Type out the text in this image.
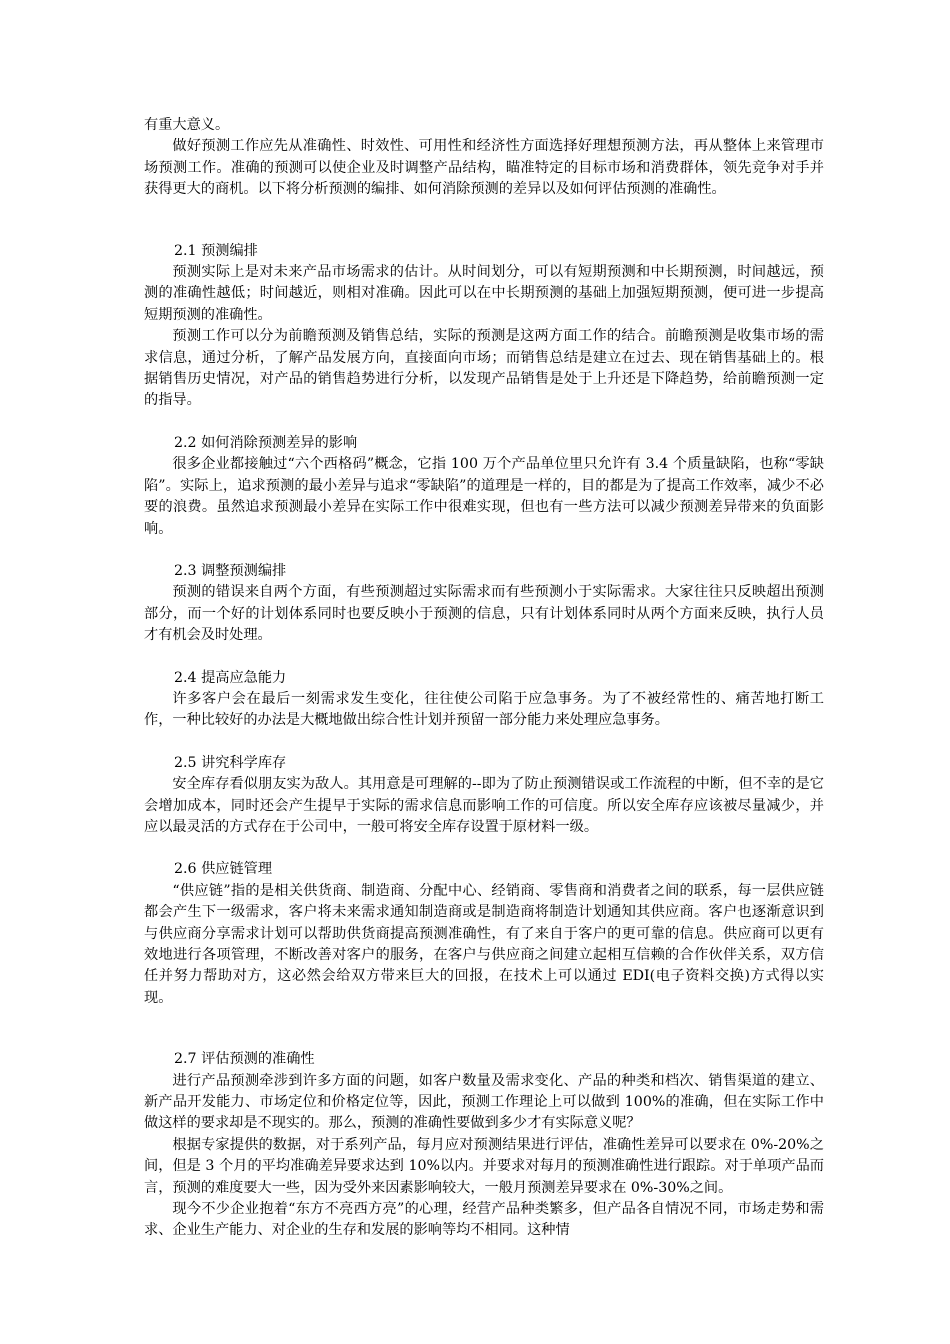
有重大意义。

做好预测工作应先从准确性、时效性、可用性和经济性方面选择好理想预测方法，再从整体上来管理市场预测工作。准确的预测可以使企业及时调整产品结构，瞄准特定的目标市场和消费群体，领先竞争对手并获得更大的商机。以下将分析预测的编排、如何消除预测的差异以及如何评估预测的准确性。

2.1 预测编排

预测实际上是对未来产品市场需求的估计。从时间划分，可以有短期预测和中长期预测，时间越远，预测的准确性越低；时间越近，则相对准确。因此可以在中长期预测的基础上加强短期预测，便可进一步提高短期预测的准确性。

预测工作可以分为前瞻预测及销售总结，实际的预测是这两方面工作的结合。前瞻预测是收集市场的需求信息，通过分析，了解产品发展方向，直接面向市场；而销售总结是建立在过去、现在销售基础上的。根据销售历史情况，对产品的销售趋势进行分析，以发现产品销售是处于上升还是下降趋势，给前瞻预测一定的指导。

2.2 如何消除预测差异的影响

很多企业都接触过“六个西格码”概念，它指 100 万个产品单位里只允许有 3.4 个质量缺陷，也称“零缺陷”。实际上，追求预测的最小差异与追求“零缺陷”的道理是一样的，目的都是为了提高工作效率，减少不必要的浪费。虽然追求预测最小差异在实际工作中很难实现，但也有一些方法可以减少预测差异带来的负面影响。

2.3 调整预测编排

预测的错误来自两个方面，有些预测超过实际需求而有些预测小于实际需求。大家往往只反映超出预测部分，而一个好的计划体系同时也要反映小于预测的信息，只有计划体系同时从两个方面来反映，执行人员才有机会及时处理。

2.4 提高应急能力

许多客户会在最后一刻需求发生变化，往往使公司陷于应急事务。为了不被经常性的、痛苦地打断工作，一种比较好的办法是大概地做出综合性计划并预留一部分能力来处理应急事务。

2.5 讲究科学库存

安全库存看似朋友实为敌人。其用意是可理解的--即为了防止预测错误或工作流程的中断，但不幸的是它会增加成本，同时还会产生提早于实际的需求信息而影响工作的可信度。所以安全库存应该被尽量减少，并应以最灵活的方式存在于公司中，一般可将安全库存设置于原材料一级。

2.6 供应链管理

“供应链”指的是相关供货商、制造商、分配中心、经销商、零售商和消费者之间的联系，每一层供应链都会产生下一级需求，客户将未来需求通知制造商或是制造商将制造计划通知其供应商。客户也逐渐意识到与供应商分享需求计划可以帮助供货商提高预测准确性，有了来自于客户的更可靠的信息。供应商可以更有效地进行各项管理，不断改善对客户的服务，在客户与供应商之间建立起相互信赖的合作伙伴关系，双方信任并努力帮助对方，这必然会给双方带来巨大的回报，在技术上可以通过 EDI(电子资料交换)方式得以实现。

2.7 评估预测的准确性

进行产品预测牵涉到许多方面的问题，如客户数量及需求变化、产品的种类和档次、销售渠道的建立、新产品开发能力、市场定位和价格定位等，因此，预测工作理论上可以做到 100%的准确，但在实际工作中做这样的要求却是不现实的。那么，预测的准确性要做到多少才有实际意义呢？

根据专家提供的数据，对于系列产品，每月应对预测结果进行评估，准确性差异可以要求在 0%-20%之间，但是 3 个月的平均准确差异要求达到 10%以内。并要求对每月的预测准确性进行跟踪。对于单项产品而言，预测的难度要大一些，因为受外来因素影响较大，一般月预测差异要求在 0%-30%之间。

现今不少企业抱着“东方不亮西方亮”的心理，经营产品种类繁多，但产品各自情况不同，市场走势和需求、企业生产能力、对企业的生存和发展的影响等均不相同。这种情
